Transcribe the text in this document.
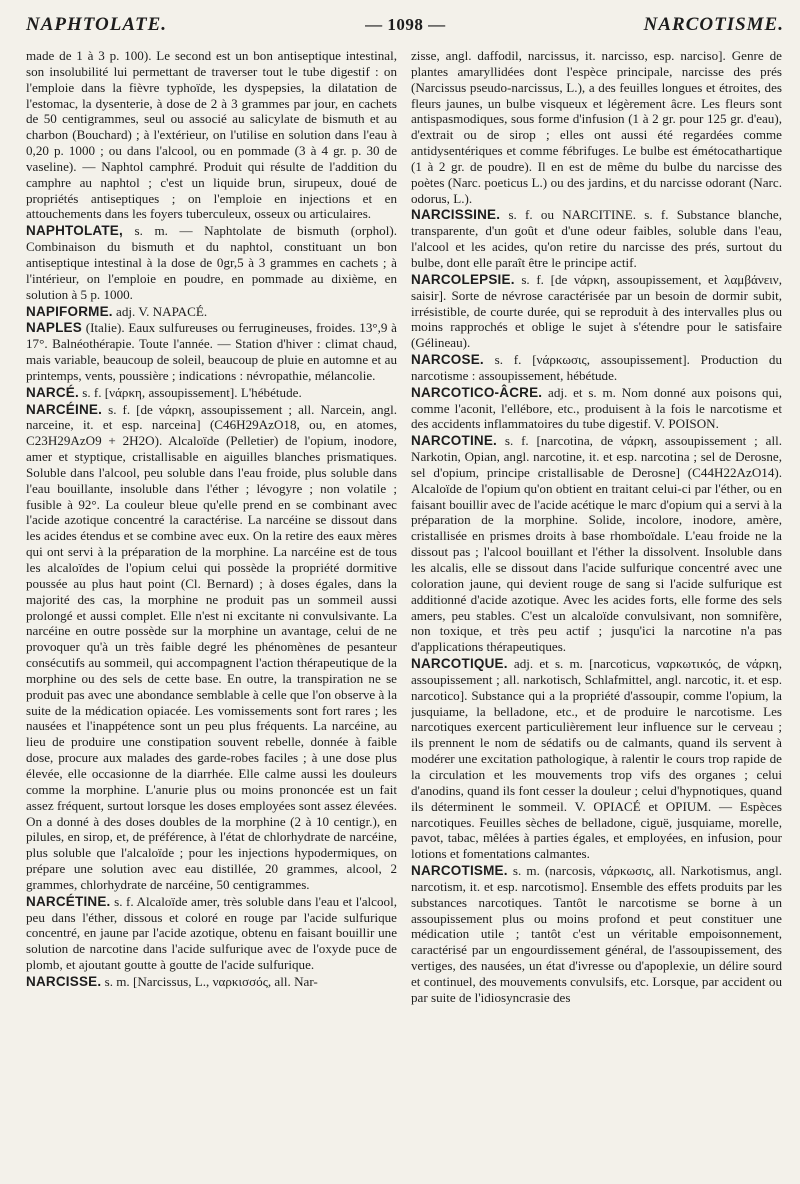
NAPHTOLATE.	— 1098 —	NARCOTISME.

made de 1 à 3 p. 100). Le second est un bon antiseptique intestinal, son insolubilité lui permettant de traverser tout le tube digestif : on l'emploie dans la fièvre typhoïde, les dyspepsies, la dilatation de l'estomac, la dysenterie, à dose de 2 à 3 grammes par jour, en cachets de 50 centigrammes, seul ou associé au salicylate de bismuth et au charbon (Bouchard) ; à l'extérieur, on l'utilise en solution dans l'eau à 0,20 p. 1000 ; ou dans l'alcool, ou en pommade (3 à 4 gr. p. 30 de vaseline). — Naphtol camphré. Produit qui résulte de l'addition du camphre au naphtol ; c'est un liquide brun, sirupeux, doué de propriétés antiseptiques ; on l'emploie en injections et en attouchements dans les foyers tuberculeux, osseux ou articulaires.

NAPHTOLATE, s. m. — Naphtolate de bismuth (orphol). Combinaison du bismuth et du naphtol, constituant un bon antiseptique intestinal à la dose de 0gr,5 à 3 grammes en cachets ; à l'intérieur, on l'emploie en poudre, en pommade au dixième, en solution à 5 p. 1000.

NAPIFORME. adj. V. NAPACÉ.

NAPLES (Italie). Eaux sulfureuses ou ferrugineuses, froides. 13°,9 à 17°. Balnéothérapie. Toute l'année. — Station d'hiver : climat chaud, mais variable, beaucoup de soleil, beaucoup de pluie en automne et au printemps, vents, poussière ; indications : névropathie, mélancolie.

NARCÉ. s. f. [νάρκη, assoupissement]. L'hébétude.

NARCÉINE. s. f. [de νάρκη, assoupissement ; all. Narcein, angl. narceine, it. et esp. narceina] (C46H29AzO18, ou, en atomes, C23H29AzO9 + 2H2O). Alcaloïde (Pelletier) de l'opium, inodore, amer et styptique, cristallisable en aiguilles blanches prismatiques. Soluble dans l'alcool, peu soluble dans l'eau froide, plus soluble dans l'eau bouillante, insoluble dans l'éther ; lévogyre ; non volatile ; fusible à 92°. La couleur bleue qu'elle prend en se combinant avec l'acide azotique concentré la caractérise. La narcéine se dissout dans les acides étendus et se combine avec eux. On la retire des eaux mères qui ont servi à la préparation de la morphine. La narcéine est de tous les alcaloïdes de l'opium celui qui possède la propriété dormitive poussée au plus haut point (Cl. Bernard) ; à doses égales, dans la majorité des cas, la morphine ne produit pas un sommeil aussi prolongé et aussi complet. Elle n'est ni excitante ni convulsivante. La narcéine en outre possède sur la morphine un avantage, celui de ne provoquer qu'à un très faible degré les phénomènes de pesanteur consécutifs au sommeil, qui accompagnent l'action thérapeutique de la morphine ou des sels de cette base. En outre, la transpiration ne se produit pas avec une abondance semblable à celle que l'on observe à la suite de la médication opiacée. Les vomissements sont fort rares ; les nausées et l'inappétence sont un peu plus fréquents. La narcéine, au lieu de produire une constipation souvent rebelle, donnée à faible dose, procure aux malades des garde-robes faciles ; à une dose plus élevée, elle occasionne de la diarrhée. Elle calme aussi les douleurs comme la morphine. L'anurie plus ou moins prononcée est un fait assez fréquent, surtout lorsque les doses employées sont assez élevées. On a donné à des doses doubles de la morphine (2 à 10 centigr.), en pilules, en sirop, et, de préférence, à l'état de chlorhydrate de narcéine, plus soluble que l'alcaloïde ; pour les injections hypodermiques, on prépare une solution avec eau distillée, 20 grammes, alcool, 2 grammes, chlorhydrate de narcéine, 50 centigrammes.

NARCÉTINE. s. f. Alcaloïde amer, très soluble dans l'eau et l'alcool, peu dans l'éther, dissous et coloré en rouge par l'acide sulfurique concentré, en jaune par l'acide azotique, obtenu en faisant bouillir une solution de narcotine dans l'acide sulfurique avec de l'oxyde puce de plomb, et ajoutant goutte à goutte de l'acide sulfurique.

NARCISSE. s. m. [Narcissus, L., ναρκισσός, all. Nar-

zisse, angl. daffodil, narcissus, it. narcisso, esp. narciso]. Genre de plantes amaryllidées dont l'espèce principale, narcisse des prés (Narcissus pseudo-narcissus, L.), a des feuilles longues et étroites, des fleurs jaunes, un bulbe visqueux et légèrement âcre. Les fleurs sont antispasmodiques, sous forme d'infusion (1 à 2 gr. pour 125 gr. d'eau), d'extrait ou de sirop ; elles ont aussi été regardées comme antidysentériques et comme fébrifuges. Le bulbe est émétocathartique (1 à 2 gr. de poudre). Il en est de même du bulbe du narcisse des poètes (Narc. poeticus L.) ou des jardins, et du narcisse odorant (Narc. odorus, L.).

NARCISSINE. s. f. ou NARCITINE. s. f. Substance blanche, transparente, d'un goût et d'une odeur faibles, soluble dans l'eau, l'alcool et les acides, qu'on retire du narcisse des prés, surtout du bulbe, dont elle paraît être le principe actif.

NARCOLEPSIE. s. f. [de νάρκη, assoupissement, et λαμβάνειν, saisir]. Sorte de névrose caractérisée par un besoin de dormir subit, irrésistible, de courte durée, qui se reproduit à des intervalles plus ou moins rapprochés et oblige le sujet à s'étendre pour le satisfaire (Gélineau).

NARCOSE. s. f. [νάρκωσις, assoupissement]. Production du narcotisme : assoupissement, hébétude.

NARCOTICO-ÂCRE. adj. et s. m. Nom donné aux poisons qui, comme l'aconit, l'ellébore, etc., produisent à la fois le narcotisme et des accidents inflammatoires du tube digestif. V. POISON.

NARCOTINE. s. f. [narcotina, de νάρκη, assoupissement ; all. Narkotin, Opian, angl. narcotine, it. et esp. narcotina ; sel de Derosne, sel d'opium, principe cristallisable de Derosne] (C44H22AzO14). Alcaloïde de l'opium qu'on obtient en traitant celui-ci par l'éther, ou en faisant bouillir avec de l'acide acétique le marc d'opium qui a servi à la préparation de la morphine. Solide, incolore, inodore, amère, cristallisée en prismes droits à base rhomboïdale. L'eau froide ne la dissout pas ; l'alcool bouillant et l'éther la dissolvent. Insoluble dans les alcalis, elle se dissout dans l'acide sulfurique concentré avec une coloration jaune, qui devient rouge de sang si l'acide sulfurique est additionné d'acide azotique. Avec les acides forts, elle forme des sels amers, peu stables. C'est un alcaloïde convulsivant, non somnifère, non toxique, et très peu actif ; jusqu'ici la narcotine n'a pas d'applications thérapeutiques.

NARCOTIQUE. adj. et s. m. [narcoticus, ναρκωτικός, de νάρκη, assoupissement ; all. narkotisch, Schlafmittel, angl. narcotic, it. et esp. narcotico]. Substance qui a la propriété d'assoupir, comme l'opium, la jusquiame, la belladone, etc., et de produire le narcotisme. Les narcotiques exercent particulièrement leur influence sur le cerveau ; ils prennent le nom de sédatifs ou de calmants, quand ils servent à modérer une excitation pathologique, à ralentir le cours trop rapide de la circulation et les mouvements trop vifs des organes ; celui d'anodins, quand ils font cesser la douleur ; celui d'hypnotiques, quand ils déterminent le sommeil. V. OPIACÉ et OPIUM. — Espèces narcotiques. Feuilles sèches de belladone, ciguë, jusquiame, morelle, pavot, tabac, mêlées à parties égales, et employées, en infusion, pour lotions et fomentations calmantes.

NARCOTISME. s. m. (narcosis, νάρκωσις, all. Narkotismus, angl. narcotism, it. et esp. narcotismo]. Ensemble des effets produits par les substances narcotiques. Tantôt le narcotisme se borne à un assoupissement plus ou moins profond et peut constituer une médication utile ; tantôt c'est un véritable empoisonnement, caractérisé par un engourdissement général, de l'assoupissement, des vertiges, des nausées, un état d'ivresse ou d'apoplexie, un délire sourd et continuel, des mouvements convulsifs, etc. Lorsque, par accident ou par suite de l'idiosyncrasie des
